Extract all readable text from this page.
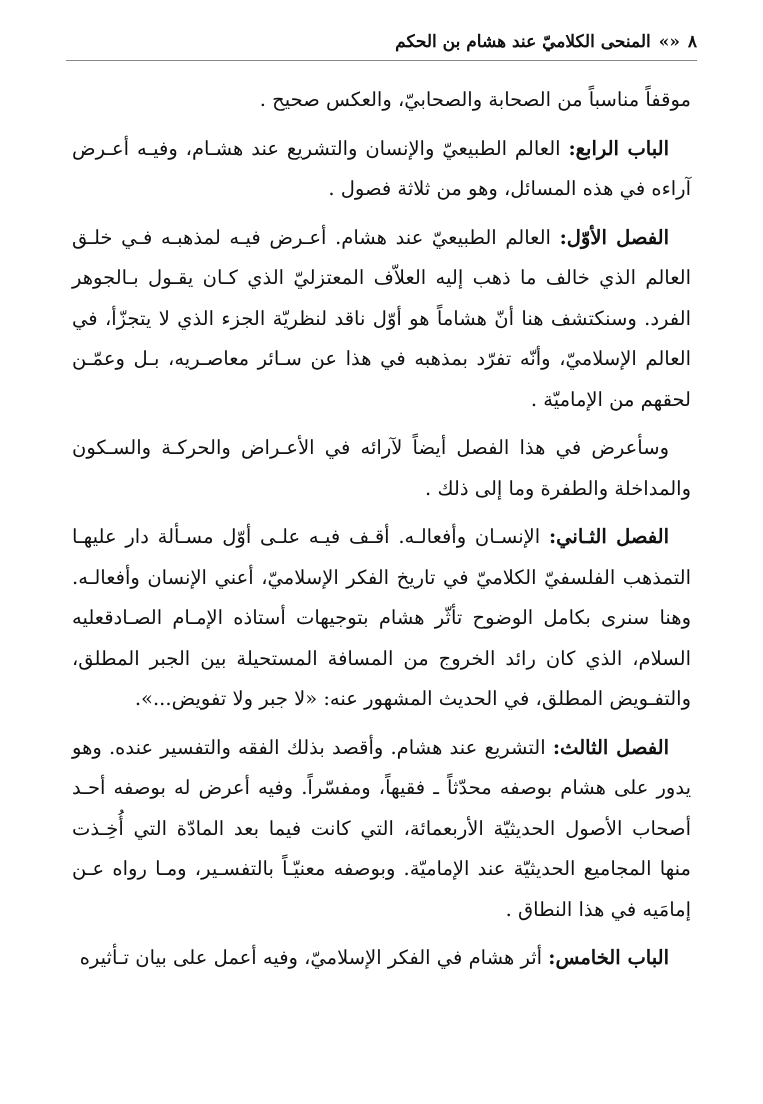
٨ «» المنحى الكلاميّ عند هشام بن الحكم

موقفاً مناسباً من الصحابة والصحابيّ، والعكس صحيح .

الباب الرابع: العالم الطبيعيّ والإنسان والتشريع عند هشـام، وفيـه أعـرض آراءه في هذه المسائل، وهو من ثلاثة فصول .

الفصل الأوّل: العالم الطبيعيّ عند هشام. أعـرض فيـه لمذهبـه فـي خلـق العالم الذي خالف ما ذهب إليه العلاّف المعتزليّ الذي كـان يقـول بـالجوهر الفرد. وسنكتشف هنا أنّ هشاماً هو أوّل ناقد لنظريّة الجزء الذي لا يتجزّأ، في العالم الإسلاميّ، وأنّه تفرّد بمذهبه في هذا عن سـائر معاصـريه، بـل وعمّـن لحقهم من الإماميّة .

وسأعرض في هذا الفصل أيضاً لآرائه في الأعـراض والحركـة والسـكون والمداخلة والطفرة وما إلى ذلك .

الفصل الثـاني: الإنسـان وأفعالـه. أقـف فيـه علـى أوّل مسـألة دار عليهـا التمذهب الفلسفيّ الكلاميّ في تاريخ الفكر الإسلاميّ، أعني الإنسان وأفعالـه. وهنا سنرى بكامل الوضوح تأثّر هشام بتوجيهات أستاذه الإمـام الصـادقعليه السلام، الذي كان رائد الخروج من المسافة المستحيلة بين الجبر المطلق، والتفـويض المطلق، في الحديث المشهور عنه: «لا جبر ولا تفويض...».

الفصل الثالث: التشريع عند هشام. وأقصد بذلك الفقه والتفسير عنده. وهو يدور على هشام بوصفه محدّثاً ـ فقيهاً، ومفسّراً. وفيه أعرض له بوصفه أحـد أصحاب الأصول الحديثيّة الأربعمائة، التي كانت فيما بعد المادّة التي أُخِـذت منها المجاميع الحديثيّة عند الإماميّة. وبوصفه معنيّـاً بالتفسـير، ومـا رواه عـن إمامَيه في هذا النطاق .

الباب الخامس: أثر هشام في الفكر الإسلاميّ، وفيه أعمل على بيان تـأثيره
